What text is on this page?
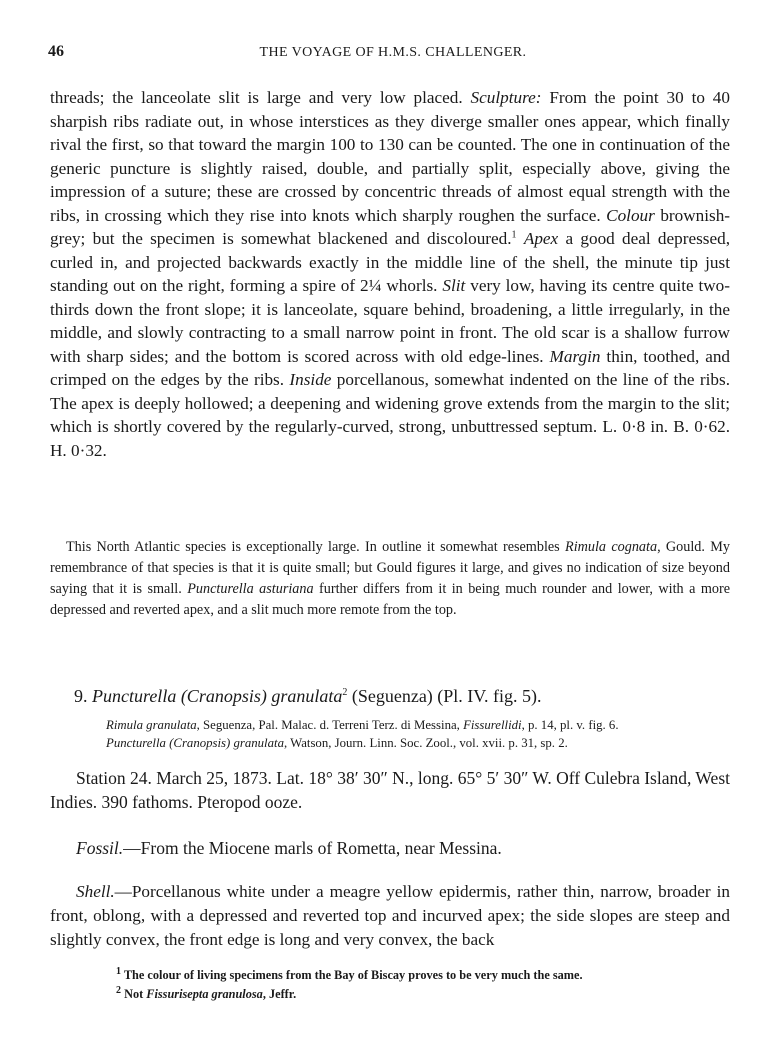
46	THE VOYAGE OF H.M.S. CHALLENGER.
threads; the lanceolate slit is large and very low placed. Sculpture: From the point 30 to 40 sharpish ribs radiate out, in whose interstices as they diverge smaller ones appear, which finally rival the first, so that toward the margin 100 to 130 can be counted. The one in continuation of the generic puncture is slightly raised, double, and partially split, especially above, giving the impression of a suture; these are crossed by concentric threads of almost equal strength with the ribs, in crossing which they rise into knots which sharply roughen the surface. Colour brownish-grey; but the specimen is somewhat blackened and discoloured.$^1$ Apex a good deal depressed, curled in, and projected backwards exactly in the middle line of the shell, the minute tip just standing out on the right, forming a spire of 2¼ whorls. Slit very low, having its centre quite two-thirds down the front slope; it is lanceolate, square behind, broadening, a little irregularly, in the middle, and slowly contracting to a small narrow point in front. The old scar is a shallow furrow with sharp sides; and the bottom is scored across with old edge-lines. Margin thin, toothed, and crimped on the edges by the ribs. Inside porcellanous, somewhat indented on the line of the ribs. The apex is deeply hollowed; a deepening and widening grove extends from the margin to the slit; which is shortly covered by the regularly-curved, strong, unbuttressed septum. L. 0·8 in. B. 0·62. H. 0·32.
This North Atlantic species is exceptionally large. In outline it somewhat resembles Rimula cognata, Gould. My remembrance of that species is that it is quite small; but Gould figures it large, and gives no indication of size beyond saying that it is small. Puncturella asturiana further differs from it in being much rounder and lower, with a more depressed and reverted apex, and a slit much more remote from the top.
9. Puncturella (Cranopsis) granulata$^2$ (Seguenza) (Pl. IV. fig. 5).
Rimula granulata, Seguenza, Pal. Malac. d. Terreni Terz. di Messina, Fissurellidi, p. 14, pl. v. fig. 6.
Puncturella (Cranopsis) granulata, Watson, Journ. Linn. Soc. Zool., vol. xvii. p. 31, sp. 2.
Station 24. March 25, 1873. Lat. 18° 38′ 30″ N., long. 65° 5′ 30″ W. Off Culebra Island, West Indies. 390 fathoms. Pteropod ooze.
Fossil.—From the Miocene marls of Rometta, near Messina.
Shell.—Porcellanous white under a meagre yellow epidermis, rather thin, narrow, broader in front, oblong, with a depressed and reverted top and incurved apex; the side slopes are steep and slightly convex, the front edge is long and very convex, the back
$^1$ The colour of living specimens from the Bay of Biscay proves to be very much the same.
$^2$ Not Fissurisepta granulosa, Jeffr.
